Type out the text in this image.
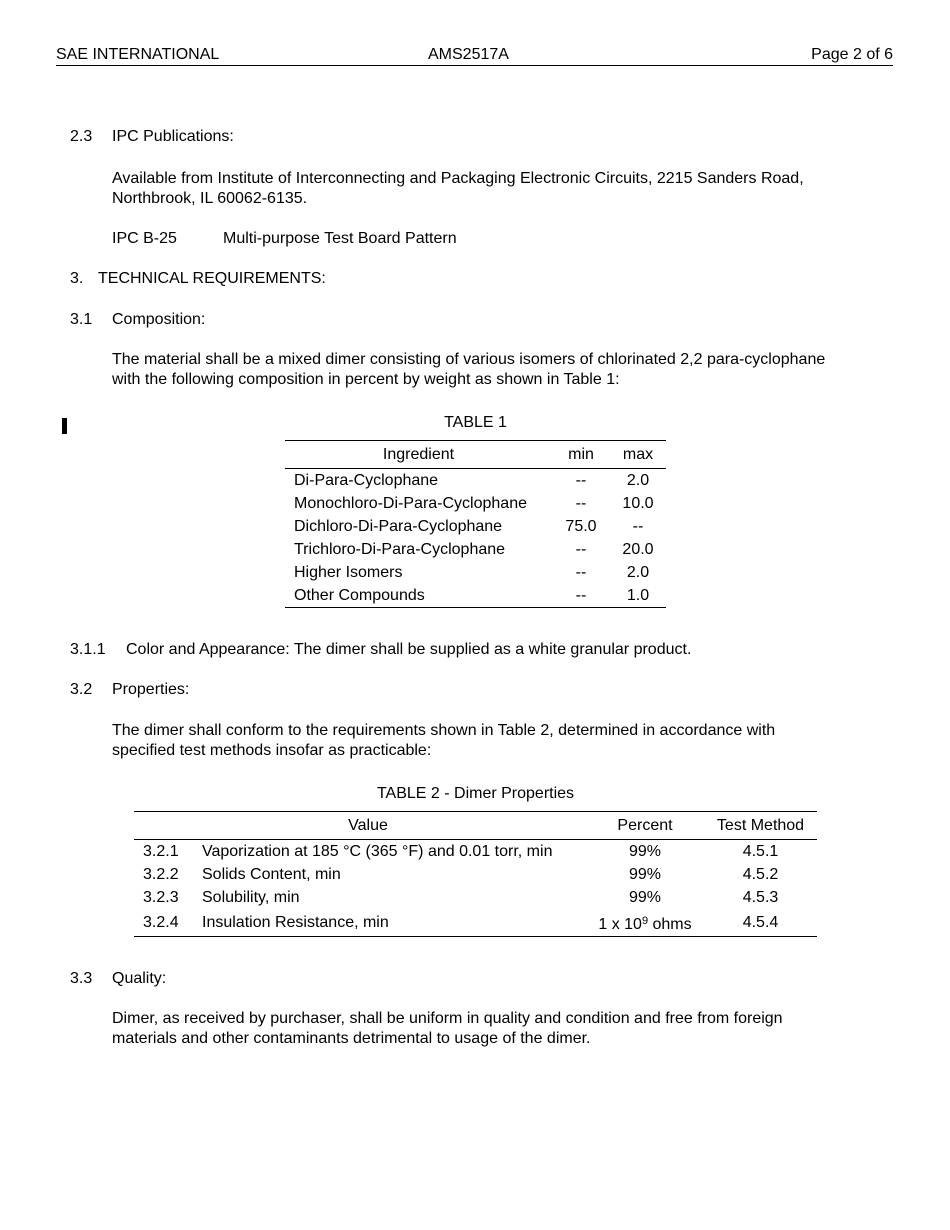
SAE INTERNATIONAL	AMS2517A	Page 2 of 6
2.3 IPC Publications:
Available from Institute of Interconnecting and Packaging Electronic Circuits, 2215 Sanders Road,
Northbrook, IL 60062-6135.
IPC B-25	Multi-purpose Test Board Pattern
3. TECHNICAL REQUIREMENTS:
3.1 Composition:
The material shall be a mixed dimer consisting of various isomers of chlorinated 2,2 para-cyclophane
with the following composition in percent by weight as shown in Table 1:
TABLE 1
Ingredient	min	max
Di-Para-Cyclophane	--	2.0
Monochloro-Di-Para-Cyclophane	--	10.0
Dichloro-Di-Para-Cyclophane	75.0	--
Trichloro-Di-Para-Cyclophane	--	20.0
Higher Isomers	--	2.0
Other Compounds	--	1.0
3.1.1 Color and Appearance: The dimer shall be supplied as a white granular product.
3.2 Properties:
The dimer shall conform to the requirements shown in Table 2, determined in accordance with
specified test methods insofar as practicable:
TABLE 2 - Dimer Properties
Value		Percent	Test Method
3.2.1	Vaporization at 185 °C (365 °F) and 0.01 torr, min	99%	4.5.1
3.2.2	Solids Content, min	99%	4.5.2
3.2.3	Solubility, min	99%	4.5.3
3.2.4	Insulation Resistance, min	1 x $10^9$ ohms	4.5.4
3.3 Quality:
Dimer, as received by purchaser, shall be uniform in quality and condition and free from foreign
materials and other contaminants detrimental to usage of the dimer.
